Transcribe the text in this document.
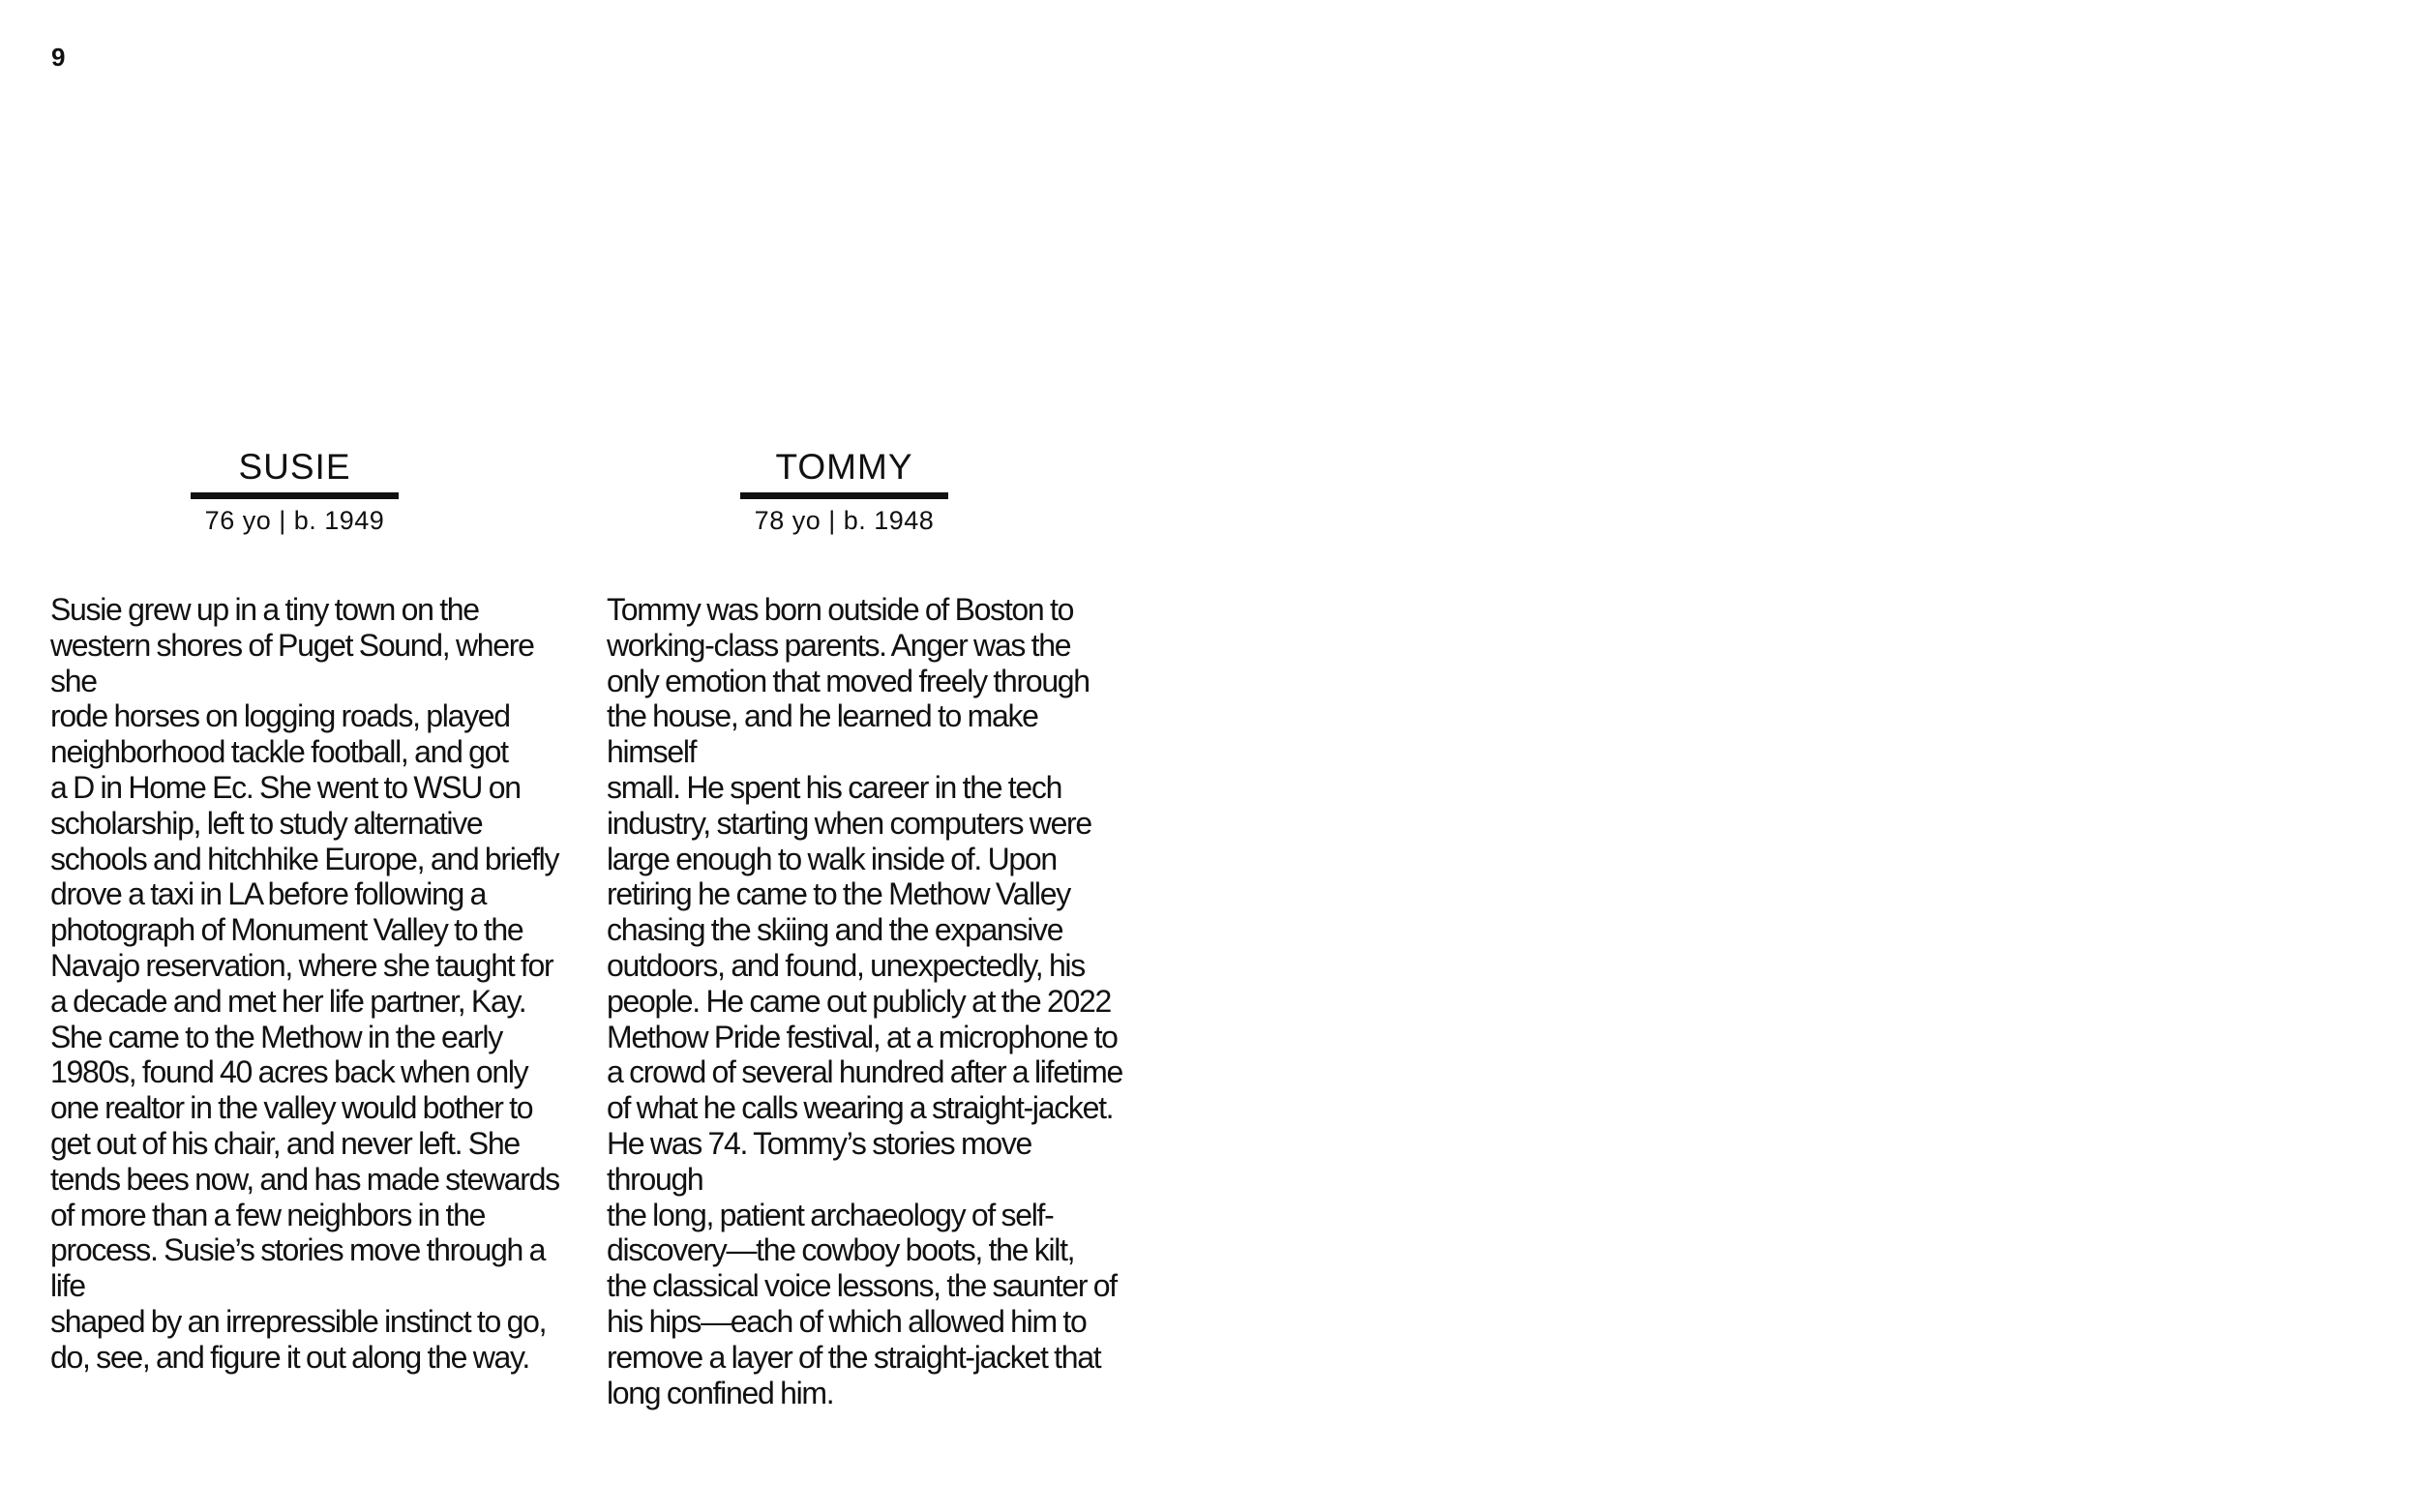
9
SUSIE
76 yo | b. 1949

Susie grew up in a tiny town on the
western shores of Puget Sound, where she
rode horses on logging roads, played
neighborhood tackle football, and got
a D in Home Ec. She went to WSU on
scholarship, left to study alternative
schools and hitchhike Europe, and briefly
drove a taxi in LA before following a
photograph of Monument Valley to the
Navajo reservation, where she taught for
a decade and met her life partner, Kay.
She came to the Methow in the early
1980s, found 40 acres back when only
one realtor in the valley would bother to
get out of his chair, and never left. She
tends bees now, and has made stewards
of more than a few neighbors in the
process. Susie’s stories move through a life
shaped by an irrepressible instinct to go,
do, see, and figure it out along the way.

TOMMY
78 yo | b. 1948

Tommy was born outside of Boston to
working-class parents. Anger was the
only emotion that moved freely through
the house, and he learned to make himself
small. He spent his career in the tech
industry, starting when computers were
large enough to walk inside of. Upon
retiring he came to the Methow Valley
chasing the skiing and the expansive
outdoors, and found, unexpectedly, his
people. He came out publicly at the 2022
Methow Pride festival, at a microphone to
a crowd of several hundred after a lifetime
of what he calls wearing a straight-jacket.
He was 74. Tommy’s stories move through
the long, patient archaeology of self-
discovery—the cowboy boots, the kilt,
the classical voice lessons, the saunter of
his hips—each of which allowed him to
remove a layer of the straight-jacket that
long confined him.
